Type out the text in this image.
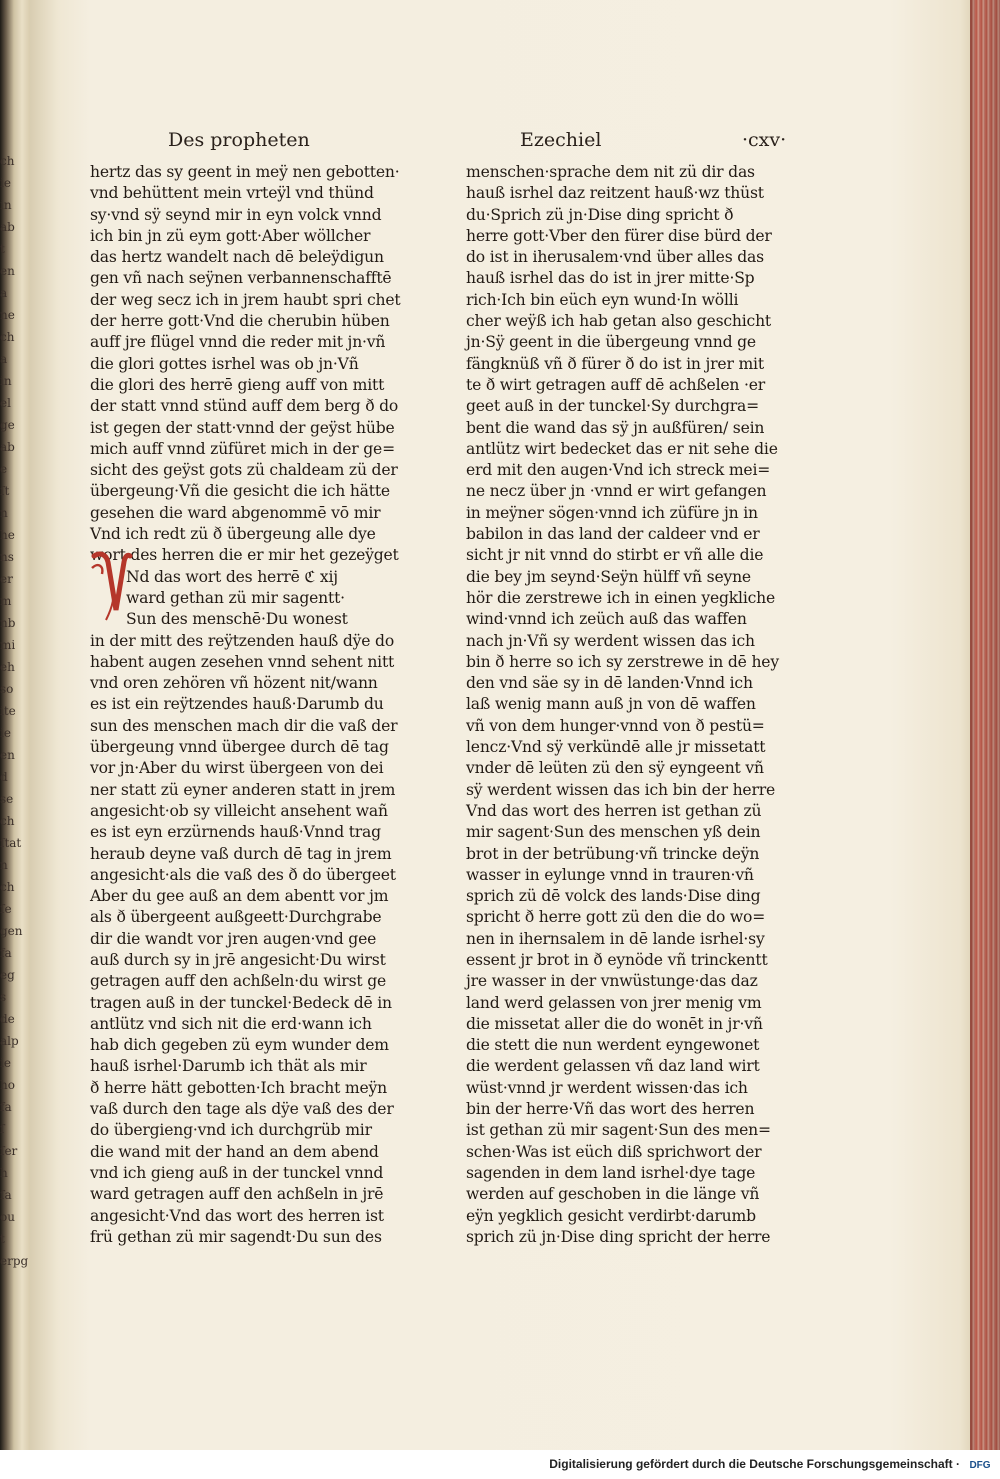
ch
ie
in
ab
t
en
a
ne
ch
a
in
el
ge
ab
e
ſt
n
he
ns
er
m
nb
mi
eh
so
ite
ie
en
d
se
ch
ſtat
n
ch
ſe
gen
fa
eg
s
de
alp
ie
ho
fa
ſ
ſer
h
ſa
ou
t
erpg
Des propheten	Ezechiel	·cxv·
hertz das sy geent in meÿ nen gebotten·
vnd behüttent mein vrteÿl vnd thünd
sy·vnd sÿ seynd mir in eyn volck vnnd
ich bin jn zü eym gott·Aber wöllcher
das hertz wandelt nach dē beleÿdigun
gen vñ nach seÿnen verbannenschafftē
der weg secz ich in jrem haubt spri chet
der herre gott·Vnd die cherubin hüben
auff jre flügel vnnd die reder mit jn·vñ
die glori gottes isrhel was ob jn·Vñ
die glori des herrē gieng auff von mitt
der statt vnnd stünd auff dem berg ð do
ist gegen der statt·vnnd der geÿst hübe
mich auff vnnd züfüret mich in der ge=
sicht des geÿst gots zü chaldeam zü der
übergeung·Vñ die gesicht die ich hätte
gesehen die ward abgenommē vō mir
Vnd ich redt zü ð übergeung alle dye
wort des herren die er mir het gezeÿget
Nd das wort des herrē ℭ xij
ward gethan zü mir sagentt·
Sun des menschē·Du wonest
in der mitt des reÿtzenden hauß dÿe do
habent augen zesehen vnnd sehent nitt
vnd oren zehören vñ hözent nit/wann
es ist ein reÿtzendes hauß·Darumb du
sun des menschen mach dir die vaß der
übergeung vnnd übergee durch dē tag
vor jn·Aber du wirst übergeen von dei
ner statt zü eyner anderen statt in jrem
angesicht·ob sy villeicht ansehent wañ
es ist eyn erzürnends hauß·Vnnd trag
heraub deyne vaß durch dē tag in jrem
angesicht·als die vaß des ð do übergeet
Aber du gee auß an dem abentt vor jm
als ð übergeent außgeett·Durchgrabe
dir die wandt vor jren augen·vnd gee
auß durch sy in jrē angesicht·Du wirst
getragen auff den achßeln·du wirst ge
tragen auß in der tunckel·Bedeck dē in
antlütz vnd sich nit die erd·wann ich
hab dich gegeben zü eym wunder dem
hauß isrhel·Darumb ich thät als mir
ð herre hätt gebotten·Ich bracht meÿn
vaß durch den tage als dÿe vaß des der
do übergieng·vnd ich durchgrüb mir
die wand mit der hand an dem abend
vnd ich gieng auß in der tunckel vnnd
ward getragen auff den achßeln in jrē
angesicht·Vnd das wort des herren ist
frü gethan zü mir sagendt·Du sun des
menschen·sprache dem nit zü dir das
hauß isrhel daz reitzent hauß·wz thüst
du·Sprich zü jn·Dise ding spricht ð
herre gott·Vber den fürer dise bürd der
do ist in iherusalem·vnd über alles das
hauß isrhel das do ist in jrer mitte·Sp
rich·Ich bin eüch eyn wund·In wölli
cher weÿß ich hab getan also geschicht
jn·Sÿ geent in die übergeung vnnd ge
fängknüß vñ ð fürer ð do ist in jrer mit
te ð wirt getragen auff dē achßelen ·er
geet auß in der tunckel·Sy durchgra=
bent die wand das sÿ jn außfüren/ sein
antlütz wirt bedecket das er nit sehe die
erd mit den augen·Vnd ich streck mei=
ne necz über jn ·vnnd er wirt gefangen
in meÿner sögen·vnnd ich züfüre jn in
babilon in das land der caldeer vnd er
sicht jr nit vnnd do stirbt er vñ alle die
die bey jm seynd·Seÿn hülff vñ seyne
hör die zerstrewe ich in einen yegkliche
wind·vnnd ich zeüch auß das waffen
nach jn·Vñ sy werdent wissen das ich
bin ð herre so ich sy zerstrewe in dē hey
den vnd säe sy in dē landen·Vnnd ich
laß wenig mann auß jn von dē waffen
vñ von dem hunger·vnnd von ð pestü=
lencz·Vnd sÿ verkündē alle jr missetatt
vnder dē leüten zü den sÿ eyngeent vñ
sÿ werdent wissen das ich bin der herre
Vnd das wort des herren ist gethan zü
mir sagent·Sun des menschen yß dein
brot in der betrübung·vñ trincke deÿn
wasser in eylunge vnnd in trauren·vñ
sprich zü dē volck des lands·Dise ding
spricht ð herre gott zü den die do wo=
nen in ihernsalem in dē lande isrhel·sy
essent jr brot in ð eynöde vñ trinckentt
jre wasser in der vnwüstunge·das daz
land werd gelassen von jrer menig vm
die missetat aller die do wonēt in jr·vñ
die stett die nun werdent eyngewonet
die werdent gelassen vñ daz land wirt
wüst·vnnd jr werdent wissen·das ich
bin der herre·Vñ das wort des herren
ist gethan zü mir sagent·Sun des men=
schen·Was ist eüch diß sprichwort der
sagenden in dem land isrhel·dye tage
werden auf geschoben in die länge vñ
eÿn yegklich gesicht verdirbt·darumb
sprich zü jn·Dise ding spricht der herre
Digitalisierung gefördert durch die Deutsche Forschungsgemeinschaft · DFG
